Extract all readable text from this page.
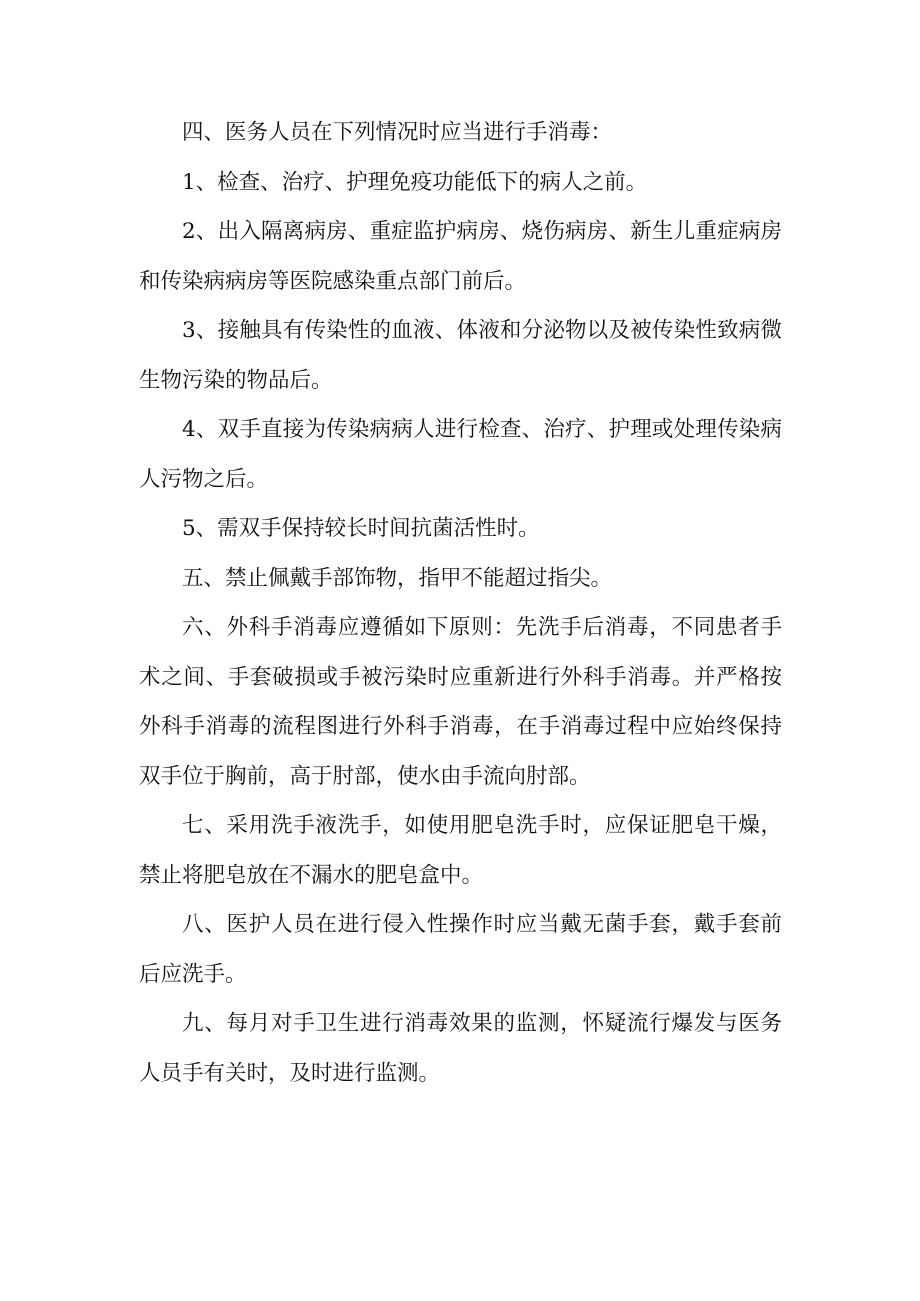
四、医务人员在下列情况时应当进行手消毒：

1、检查、治疗、护理免疫功能低下的病人之前。

2、出入隔离病房、重症监护病房、烧伤病房、新生儿重症病房和传染病病房等医院感染重点部门前后。

3、接触具有传染性的血液、体液和分泌物以及被传染性致病微生物污染的物品后。

4、双手直接为传染病病人进行检查、治疗、护理或处理传染病人污物之后。

5、需双手保持较长时间抗菌活性时。

五、禁止佩戴手部饰物，指甲不能超过指尖。

六、外科手消毒应遵循如下原则：先洗手后消毒，不同患者手术之间、手套破损或手被污染时应重新进行外科手消毒。并严格按外科手消毒的流程图进行外科手消毒，在手消毒过程中应始终保持双手位于胸前，高于肘部，使水由手流向肘部。

七、采用洗手液洗手，如使用肥皂洗手时，应保证肥皂干燥，禁止将肥皂放在不漏水的肥皂盒中。

八、医护人员在进行侵入性操作时应当戴无菌手套，戴手套前后应洗手。

九、每月对手卫生进行消毒效果的监测，怀疑流行爆发与医务人员手有关时，及时进行监测。
